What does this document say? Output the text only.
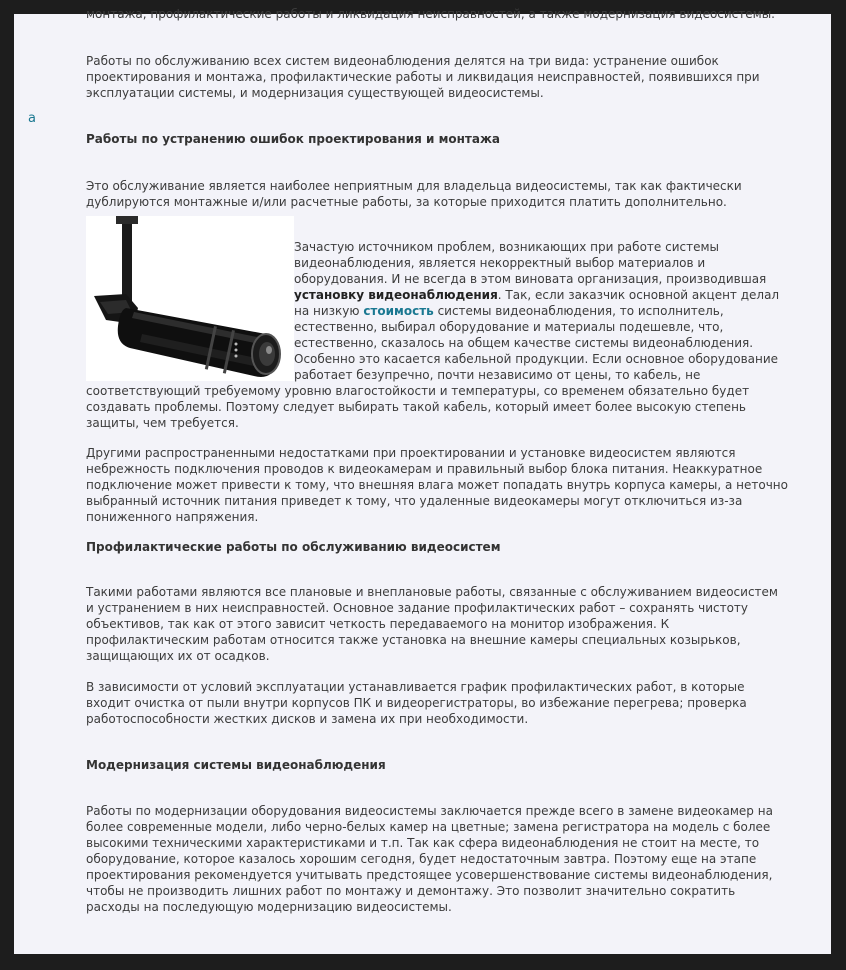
a

монтажа, профилактические работы и ликвидация неисправностей, а также модернизация видеосистемы.

Работы по обслуживанию всех систем видеонаблюдения делятся на три вида: устранение ошибок проектирования и монтажа, профилактические работы и ликвидация неисправностей, появившихся при эксплуатации системы, и модернизация существующей видеосистемы.

Работы по устранению ошибок проектирования и монтажа

Это обслуживание является наиболее неприятным для владельца видеосистемы, так как фактически дублируются монтажные и/или расчетные работы, за которые приходится платить дополнительно.

Зачастую источником проблем, возникающих при работе системы видеонаблюдения, является некорректный выбор материалов и оборудования. И не всегда в этом виновата организация, производившая установку видеонаблюдения. Так, если заказчик основной акцент делал на низкую стоимость системы видеонаблюдения, то исполнитель, естественно, выбирал оборудование и материалы подешевле, что, естественно, сказалось на общем качестве системы видеонаблюдения. Особенно это касается кабельной продукции. Если основное оборудование работает безупречно, почти независимо от цены, то кабель, не соответствующий требуемому уровню влагостойкости и температуры, со временем обязательно будет создавать проблемы. Поэтому следует выбирать такой кабель, который имеет более высокую степень защиты, чем требуется.

Другими распространенными недостатками при проектировании и установке видеосистем являются небрежность подключения проводов к видеокамерам и правильный выбор блока питания. Неаккуратное подключение может привести к тому, что внешняя влага может попадать внутрь корпуса камеры, а неточно выбранный источник питания приведет к тому, что удаленные видеокамеры могут отключиться из-за пониженного напряжения.

Профилактические работы по обслуживанию видеосистем

Такими работами являются все плановые и внеплановые работы, связанные с обслуживанием видеосистем и устранением в них неисправностей. Основное задание профилактических работ – сохранять чистоту объективов, так как от этого зависит четкость передаваемого на монитор изображения. К профилактическим работам относится также установка на внешние камеры специальных козырьков, защищающих их от осадков.

В зависимости от условий эксплуатации устанавливается график профилактических работ, в которые входит очистка от пыли внутри корпусов ПК и видеорегистраторы, во избежание перегрева; проверка работоспособности жестких дисков и замена их при необходимости.

Модернизация системы видеонаблюдения

Работы по модернизации оборудования видеосистемы заключается прежде всего в замене видеокамер на более современные модели, либо черно-белых камер на цветные; замена регистратора на модель с более высокими техническими характеристиками и т.п. Так как сфера видеонаблюдения не стоит на месте, то оборудование, которое казалось хорошим сегодня, будет недостаточным завтра. Поэтому еще на этапе проектирования рекомендуется учитывать предстоящее усовершенствование системы видеонаблюдения, чтобы не производить лишних работ по монтажу и демонтажу. Это позволит значительно сократить расходы на последующую модернизацию видеосистемы.
